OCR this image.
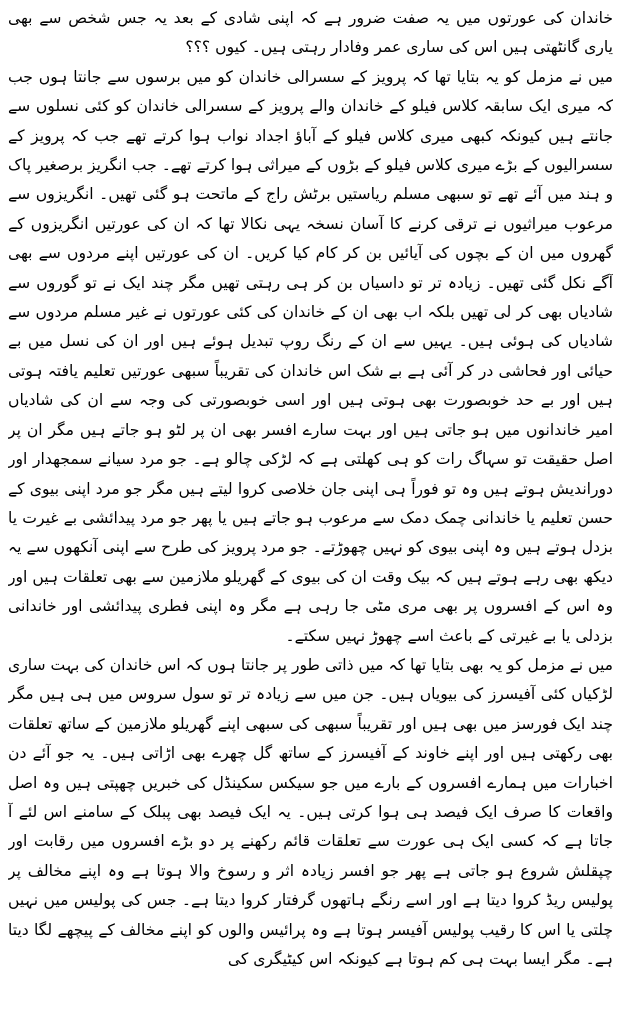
خاندان کی عورتوں میں یہ صفت ضرور ہے کہ اپنی شادی کے بعد یہ جس شخص سے بھی یاری گانٹھتی ہیں اس کی ساری عمر وفادار رہتی ہیں۔ کیوں ؟؟؟

میں نے مزمل کو یہ بتایا تھا کہ پرویز کے سسرالی خاندان کو میں برسوں سے جانتا ہوں جب کہ میری ایک سابقہ کلاس فیلو کے خاندان والے پرویز کے سسرالی خاندان کو کئی نسلوں سے جانتے ہیں کیونکہ کبھی میری کلاس فیلو کے آباؤ اجداد نواب ہوا کرتے تھے جب کہ پرویز کے سسرالیوں کے بڑے میری کلاس فیلو کے بڑوں کے میراثی ہوا کرتے تھے۔ جب انگریز برصغیر پاک و ہند میں آئے تھے تو سبھی مسلم ریاستیں برٹش راج کے ماتحت ہو گئی تھیں۔ انگریزوں سے مرعوب میراثیوں نے ترقی کرنے کا آسان نسخہ یہی نکالا تھا کہ ان کی عورتیں انگریزوں کے گھروں میں ان کے بچوں کی آیائیں بن کر کام کیا کریں۔ ان کی عورتیں اپنے مردوں سے بھی آگے نکل گئی تھیں۔ زیادہ تر تو داسیاں بن کر ہی رہتی تھیں مگر چند ایک نے تو گوروں سے شادیاں بھی کر لی تھیں بلکہ اب بھی ان کے خاندان کی کئی عورتوں نے غیر مسلم مردوں سے شادیاں کی ہوئی ہیں۔ یہیں سے ان کے رنگ روپ تبدیل ہوئے ہیں اور ان کی نسل میں بے حیائی اور فحاشی در کر آئی ہے بے شک اس خاندان کی تقریباً سبھی عورتیں تعلیم یافتہ ہوتی ہیں اور بے حد خوبصورت بھی ہوتی ہیں اور اسی خوبصورتی کی وجہ سے ان کی شادیاں امیر خاندانوں میں ہو جاتی ہیں اور بہت سارے افسر بھی ان پر لٹو ہو جاتے ہیں مگر ان پر اصل حقیقت تو سہاگ رات کو ہی کھلتی ہے کہ لڑکی چالو ہے۔ جو مرد سیانے سمجھدار اور دوراندیش ہوتے ہیں وہ تو فوراً ہی اپنی جان خلاصی کروا لیتے ہیں مگر جو مرد اپنی بیوی کے حسن تعلیم یا خاندانی چمک دمک سے مرعوب ہو جاتے ہیں یا پھر جو مرد پیدائشی بے غیرت یا بزدل ہوتے ہیں وہ اپنی بیوی کو نہیں چھوڑتے۔ جو مرد پرویز کی طرح سے اپنی آنکھوں سے یہ دیکھ بھی رہے ہوتے ہیں کہ بیک وقت ان کی بیوی کے گھریلو ملازمین سے بھی تعلقات ہیں اور وہ اس کے افسروں پر بھی مری مٹی جا رہی ہے مگر وہ اپنی فطری پیدائشی اور خاندانی بزدلی یا بے غیرتی کے باعث اسے چھوڑ نہیں سکتے۔

میں نے مزمل کو یہ بھی بتایا تھا کہ میں ذاتی طور پر جانتا ہوں کہ اس خاندان کی بہت ساری لڑکیاں کئی آفیسرز کی بیویاں ہیں۔ جن میں سے زیادہ تر تو سول سروس میں ہی ہیں مگر چند ایک فورسز میں بھی ہیں اور تقریباً سبھی کی سبھی اپنے گھریلو ملازمین کے ساتھ تعلقات بھی رکھتی ہیں اور اپنے خاوند کے آفیسرز کے ساتھ گل چھرے بھی اڑاتی ہیں۔ یہ جو آئے دن اخبارات میں ہمارے افسروں کے بارے میں جو سیکس سکینڈل کی خبریں چھپتی ہیں وہ اصل واقعات کا صرف ایک فیصد ہی ہوا کرتی ہیں۔ یہ ایک فیصد بھی پبلک کے سامنے اس لئے آ جاتا ہے کہ کسی ایک ہی عورت سے تعلقات قائم رکھنے پر دو بڑے افسروں میں رقابت اور چپقلش شروع ہو جاتی ہے پھر جو افسر زیادہ اثر و رسوخ والا ہوتا ہے وہ اپنے مخالف پر پولیس ریڈ کروا دیتا ہے اور اسے رنگے ہاتھوں گرفتار کروا دیتا ہے۔ جس کی پولیس میں نہیں چلتی یا اس کا رقیب پولیس آفیسر ہوتا ہے وہ پرائیس والوں کو اپنے مخالف کے پیچھے لگا دیتا ہے۔ مگر ایسا بہت ہی کم ہوتا ہے کیونکہ اس کیٹیگری کی
